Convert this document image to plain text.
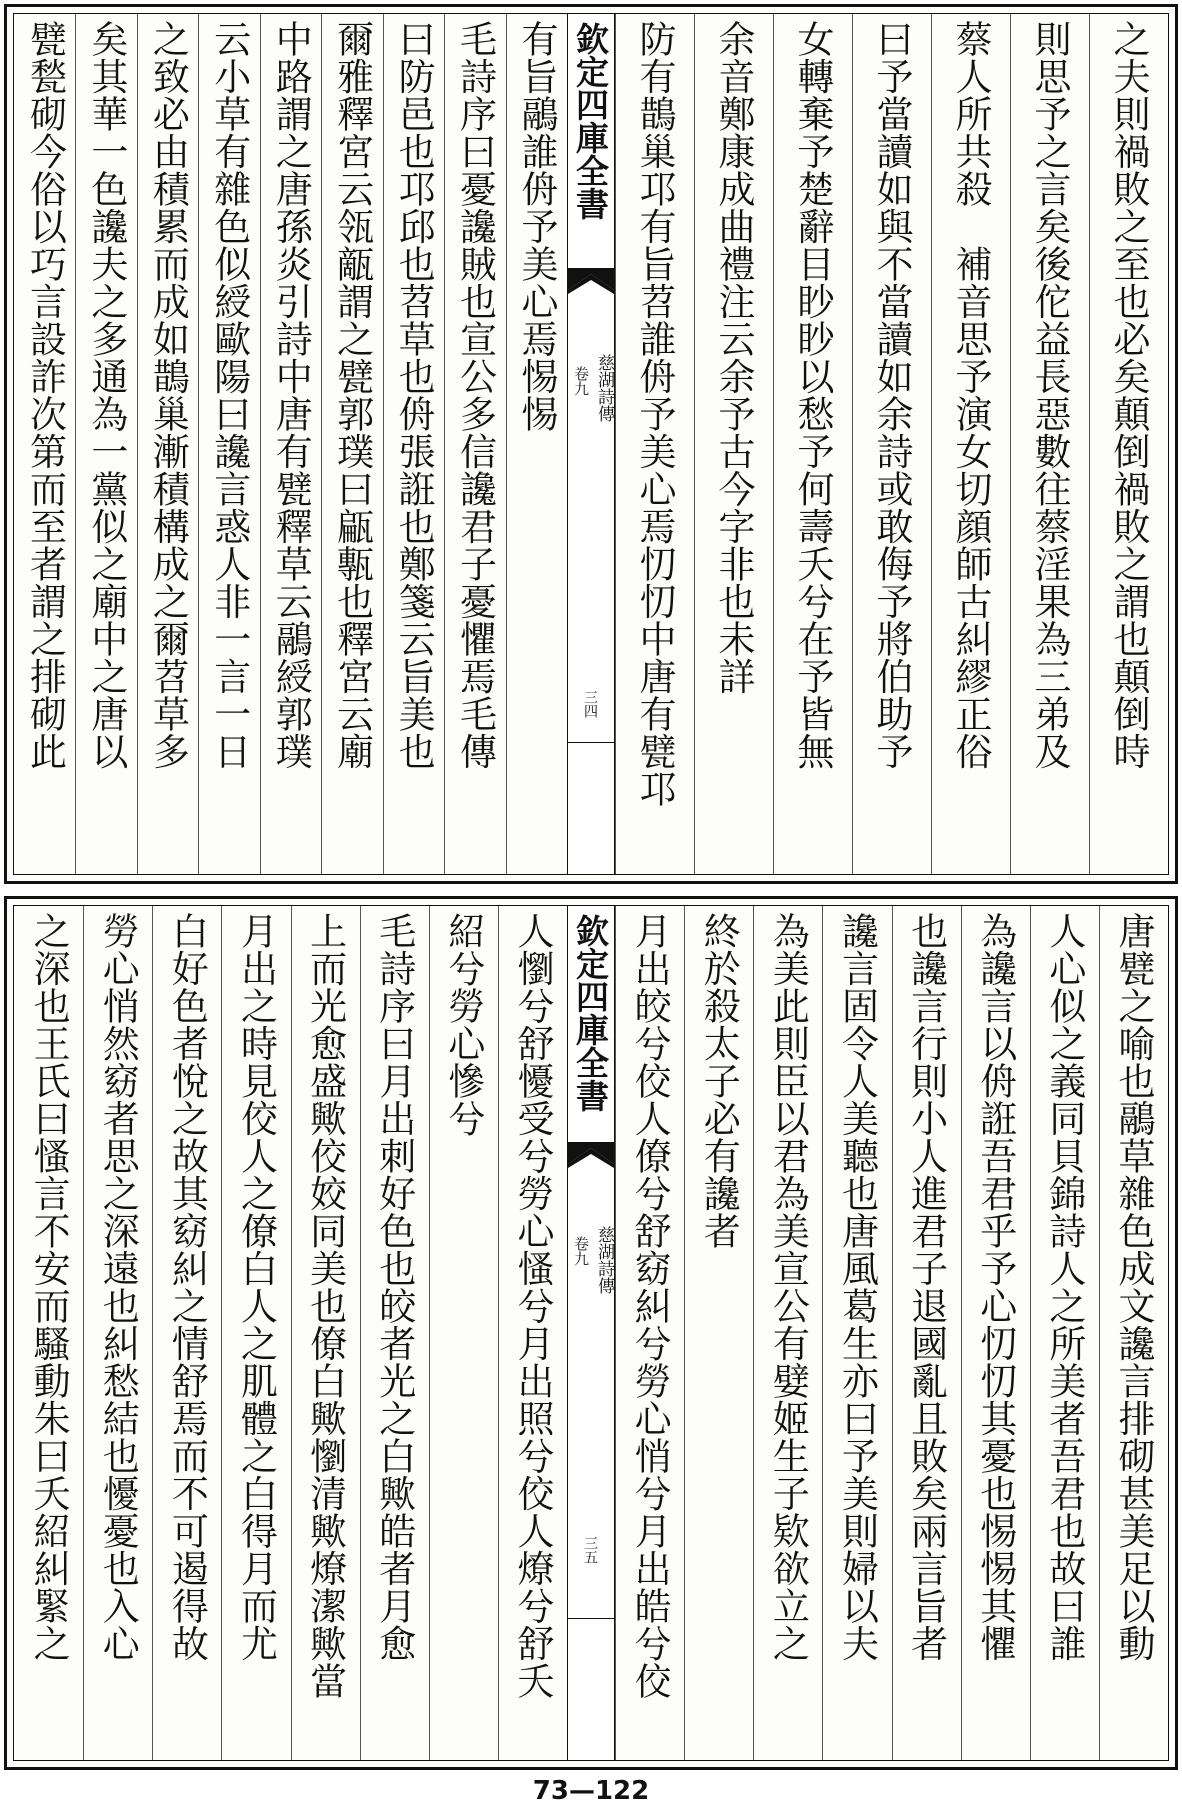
之夫則禍敗之至也必矣顛倒禍敗之謂也顛倒時
則思予之言矣後佗益長惡數往蔡淫果為三弟及
蔡人所共殺　補音思予演女切顔師古糾繆正俗
曰予當讀如與不當讀如余詩或敢侮予將伯助予
女轉棄予楚辭目眇眇以愁予何壽夭兮在予皆無
余音鄭康成曲禮注云余予古今字非也未詳
防有鵲巢邛有旨苕誰侜予美心焉忉忉中唐有甓邛
有旨鷊誰侜予美心焉惕惕
毛詩序曰憂讒賊也宣公多信讒君子憂懼焉毛傳
曰防邑也邛邱也苕草也侜張誑也鄭箋云旨美也
爾雅釋宮云瓴甋謂之甓郭璞曰甂甎也釋宮云廟
中路謂之唐孫炎引詩中唐有甓釋草云鷊綬郭璞
云小草有雜色似綬歐陽曰讒言惑人非一言一日
之致必由積累而成如鵲巢漸積構成之爾苕草多
矣其華一色讒夫之多通為一黨似之廟中之唐以
甓甃砌今俗以巧言設詐次第而至者謂之排砌此	欽定四庫全書
慈湖詩傳
卷九
三四
唐甓之喻也鷊草雜色成文讒言排砌甚美足以動
人心似之義同貝錦詩人之所美者吾君也故曰誰
為讒言以侜誑吾君乎予心忉忉其憂也惕惕其懼
也讒言行則小人進君子退國亂且敗矣兩言旨者
讒言固令人美聽也唐風葛生亦曰予美則婦以夫
為美此則臣以君為美宣公有嬖姬生子欵欲立之
終於殺太子必有讒者
月出皎兮佼人僚兮舒窈糾兮勞心悄兮月出皓兮佼
人懰兮舒懮受兮勞心慅兮月出照兮佼人燎兮舒夭
紹兮勞心慘兮
毛詩序曰月出刺好色也皎者光之白歟皓者月愈
上而光愈盛歟佼姣同美也僚白歟懰清歟燎潔歟當
月出之時見佼人之僚白人之肌體之白得月而尤
白好色者悅之故其窈糾之情舒焉而不可遏得故
勞心悄然窈者思之深遠也糾愁結也懮憂也入心
之深也王氏曰慅言不安而騷動朱曰夭紹糾緊之	欽定四庫全書
慈湖詩傳
卷九
三五
73—122
